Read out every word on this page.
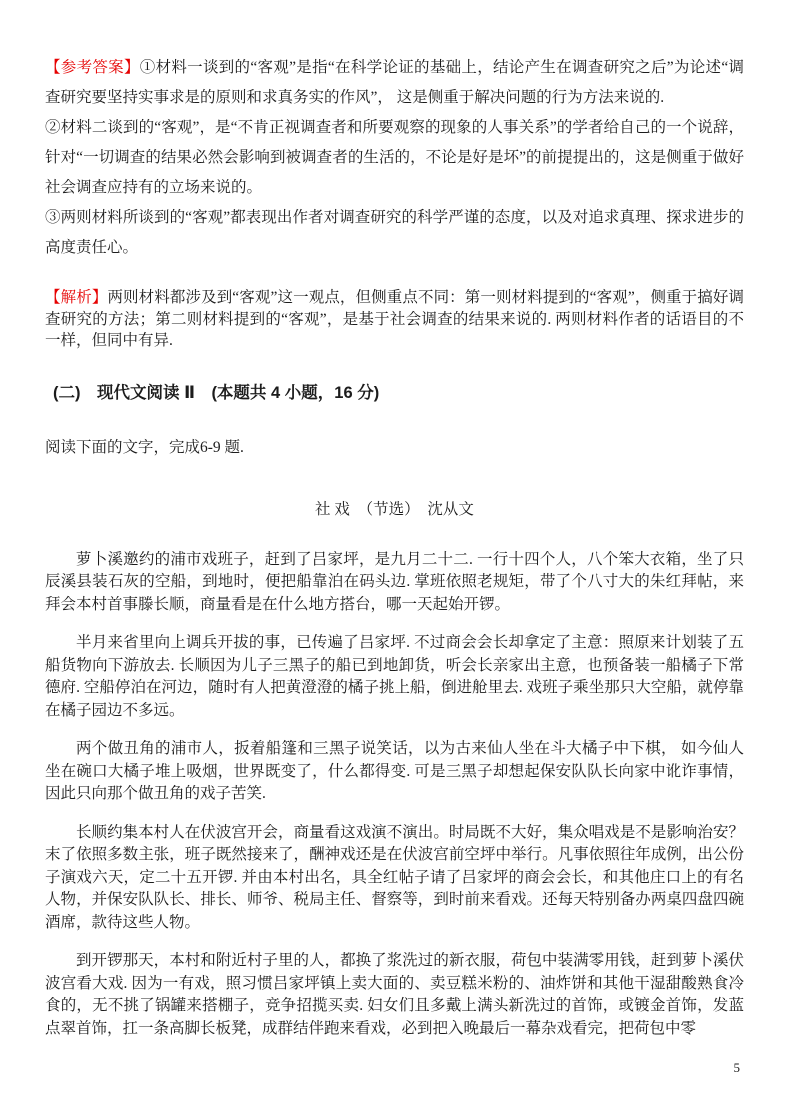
【参考答案】①材料一谈到的“客观”是指“在科学论证的基础上，结论产生在调查研究之后”为论述“调查研究要坚持实事求是的原则和求真务实的作风”， 这是侧重于解决问题的行为方法来说的.

②材料二谈到的“客观”，是“不肯正视调查者和所要观察的现象的人事关系”的学者给自己的一个说辞，针对“一切调查的结果必然会影响到被调查者的生活的，不论是好是坏”的前提提出的，这是侧重于做好社会调查应持有的立场来说的。

③两则材料所谈到的“客观”都表现出作者对调查研究的科学严谨的态度，以及对追求真理、探求进步的高度责任心。

【解析】两则材料都涉及到“客观”这一观点，但侧重点不同：第一则材料提到的“客观”，侧重于搞好调查研究的方法；第二则材料提到的“客观”，是基于社会调查的结果来说的. 两则材料作者的话语目的不一样，但同中有异.
(二)　现代文阅读 Ⅱ　(本题共 4 小题，16 分)

阅读下面的文字，完成6-9 题.

社 戏　（节选）　沈从文

萝卜溪邀约的浦市戏班子，赶到了吕家坪，是九月二十二. 一行十四个人，八个笨大衣箱，坐了只辰溪县装石灰的空船，到地时，便把船靠泊在码头边. 掌班依照老规矩，带了个八寸大的朱红拜帖，来拜会本村首事滕长顺，商量看是在什么地方搭台，哪一天起始开锣。

半月来省里向上调兵开拔的事，已传遍了吕家坪. 不过商会会长却拿定了主意：照原来计划装了五船货物向下游放去. 长顺因为儿子三黑子的船已到地卸货，听会长亲家出主意，也预备装一船橘子下常德府. 空船停泊在河边，随时有人把黄澄澄的橘子挑上船，倒进舱里去. 戏班子乘坐那只大空船，就停靠在橘子园边不多远。

两个做丑角的浦市人，扳着船篷和三黑子说笑话，以为古来仙人坐在斗大橘子中下棋， 如今仙人坐在碗口大橘子堆上吸烟，世界既变了，什么都得变. 可是三黑子却想起保安队队长向家中讹诈事情，因此只向那个做丑角的戏子苦笑.

长顺约集本村人在伏波宫开会，商量看这戏演不演出。时局既不大好，集众唱戏是不是影响治安？末了依照多数主张，班子既然接来了，酬神戏还是在伏波宫前空坪中举行。凡事依照往年成例，出公份子演戏六天，定二十五开锣. 并由本村出名，具全红帖子请了吕家坪的商会会长，和其他庄口上的有名人物，并保安队队长、排长、师爷、税局主任、督察等，到时前来看戏。还每天特别备办两桌四盘四碗酒席，款待这些人物。

到开锣那天，本村和附近村子里的人，都换了浆洗过的新衣服，荷包中装满零用钱，赶到萝卜溪伏波宫看大戏. 因为一有戏，照习惯吕家坪镇上卖大面的、卖豆糕米粉的、油炸饼和其他干湿甜酸熟食冷食的，无不挑了锅罐来搭棚子，竞争招揽买卖. 妇女们且多戴上满头新洗过的首饰，或镀金首饰，发蓝点翠首饰，扛一条高脚长板凳，成群结伴跑来看戏，必到把入晚最后一幕杂戏看完，把荷包中零

5
